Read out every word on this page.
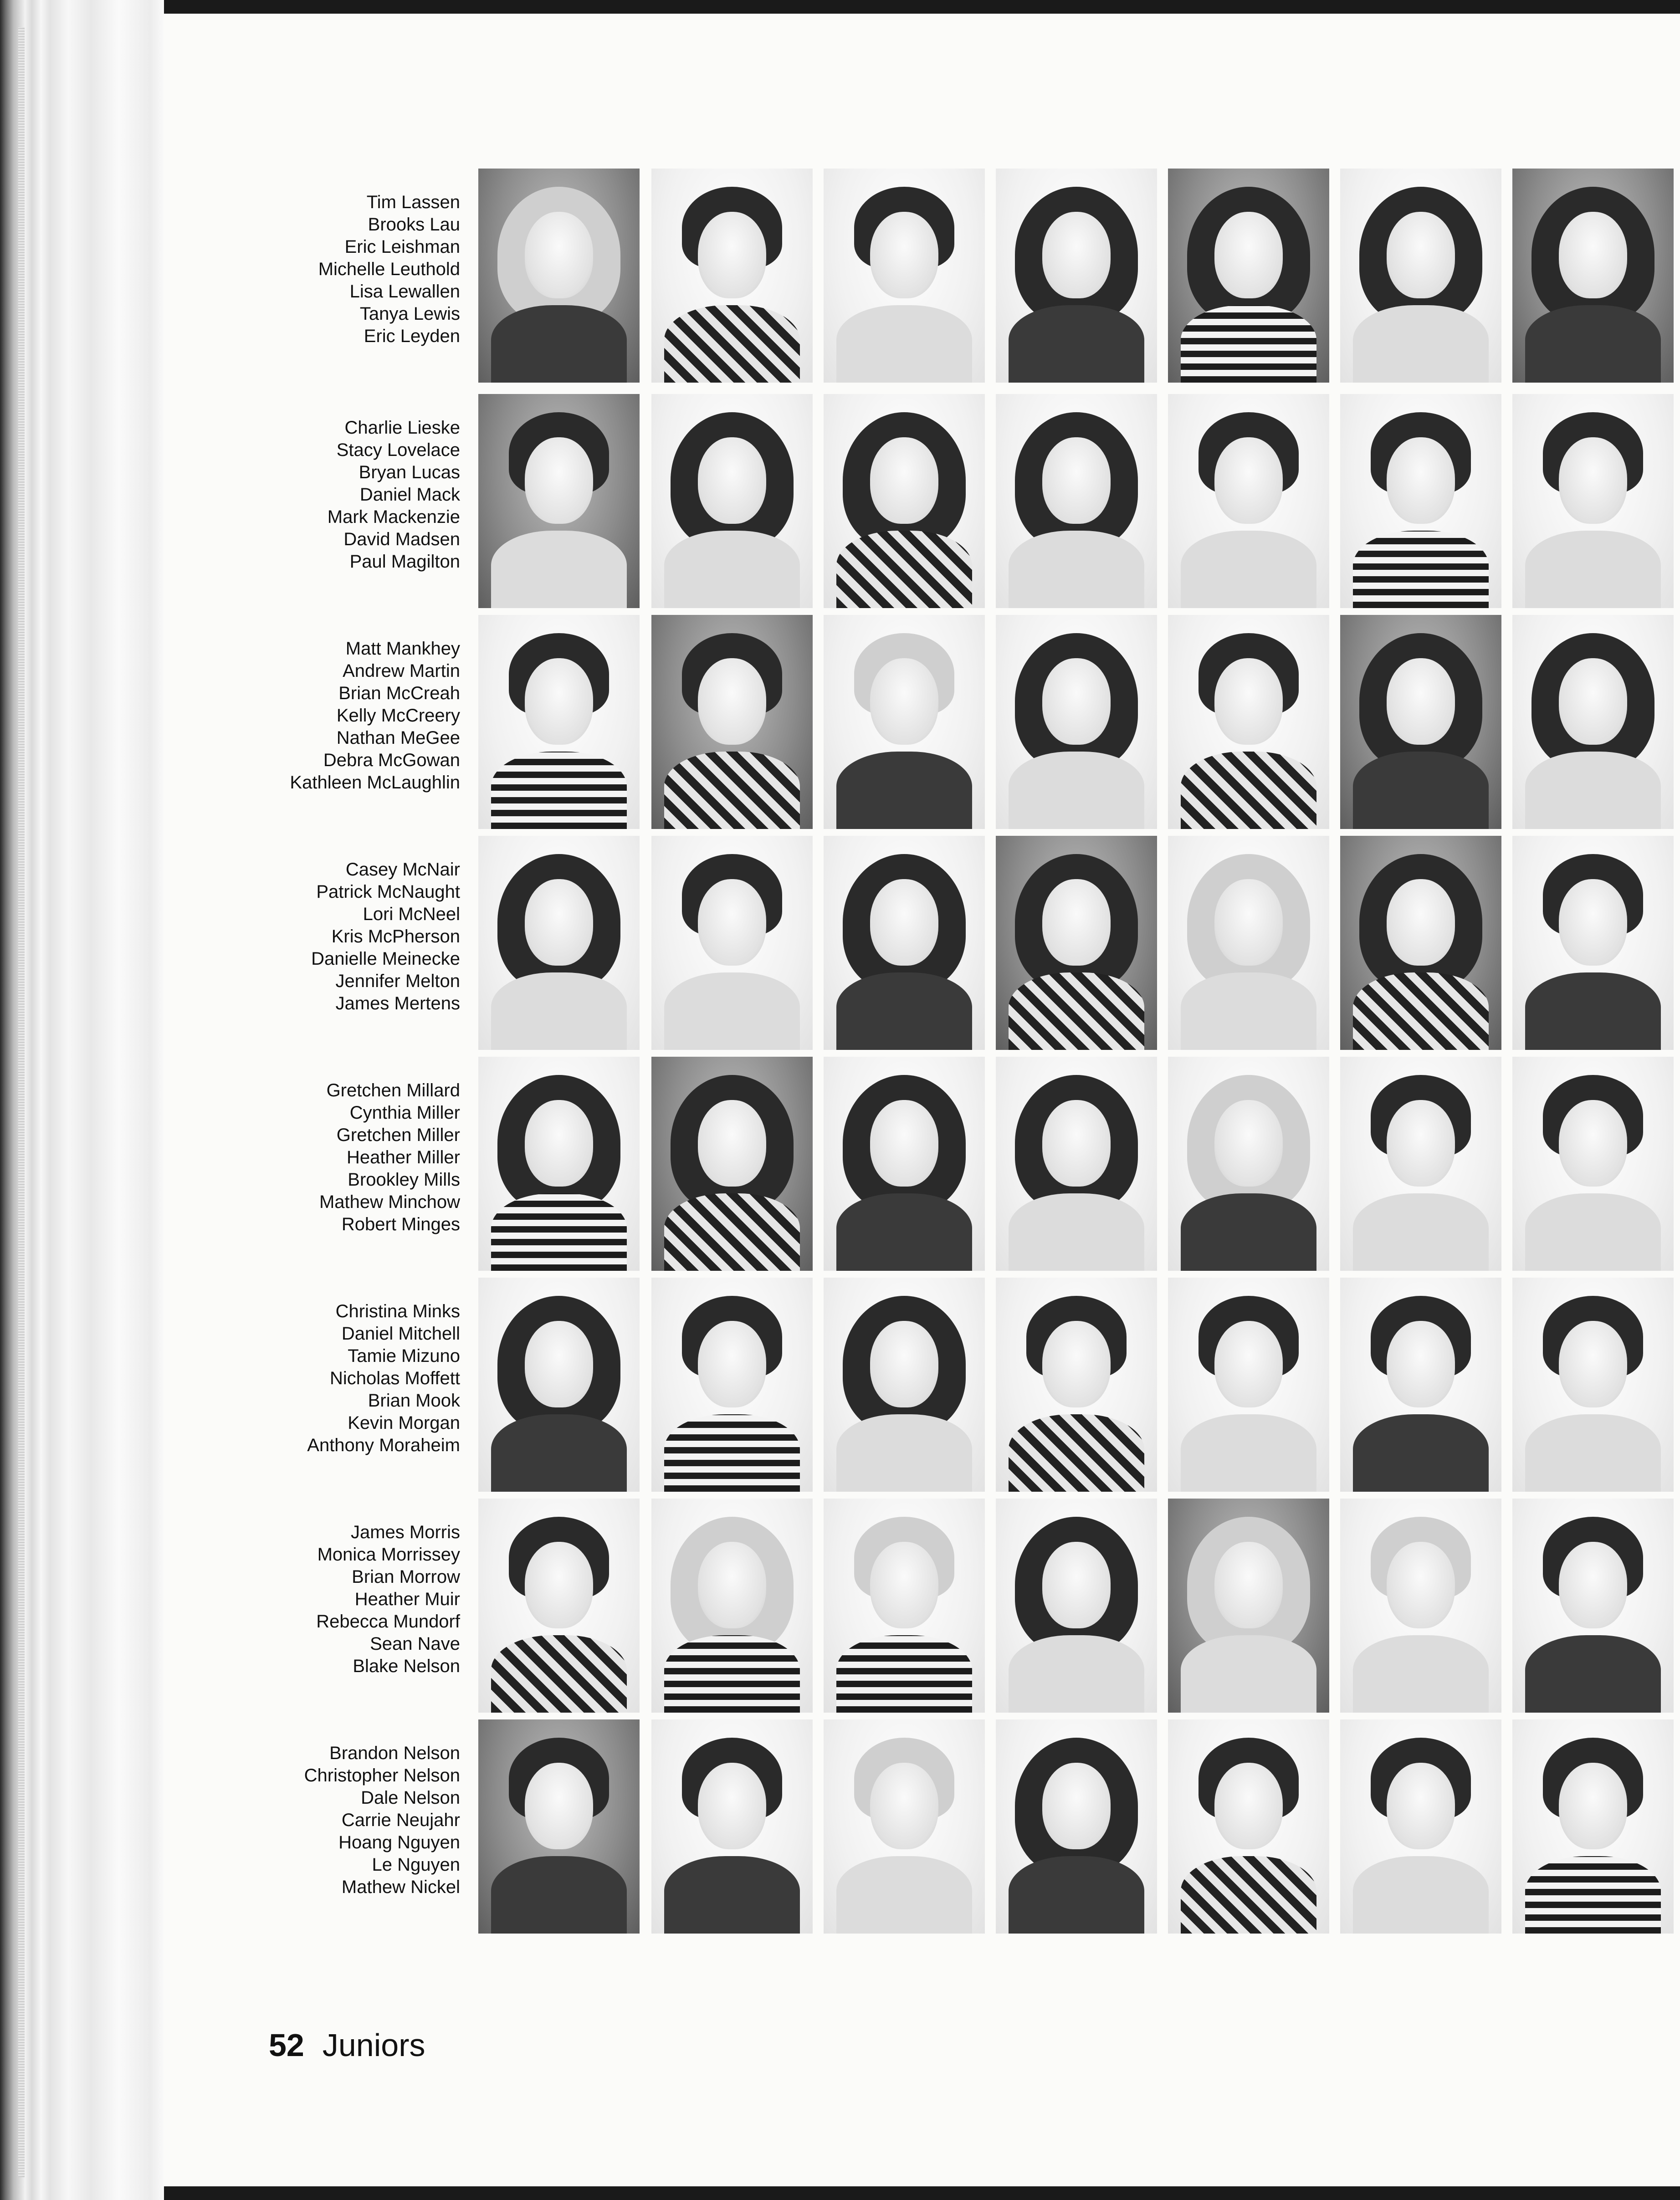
Tim Lassen
Brooks Lau
Eric Leishman
Michelle Leuthold
Lisa Lewallen
Tanya Lewis
Eric Leyden
Charlie Lieske
Stacy Lovelace
Bryan Lucas
Daniel Mack
Mark Mackenzie
David Madsen
Paul Magilton
Matt Mankhey
Andrew Martin
Brian McCreah
Kelly McCreery
Nathan MeGee
Debra McGowan
Kathleen McLaughlin
Casey McNair
Patrick McNaught
Lori McNeel
Kris McPherson
Danielle Meinecke
Jennifer Melton
James Mertens
Gretchen Millard
Cynthia Miller
Gretchen Miller
Heather Miller
Brookley Mills
Mathew Minchow
Robert Minges
Christina Minks
Daniel Mitchell
Tamie Mizuno
Nicholas Moffett
Brian Mook
Kevin Morgan
Anthony Moraheim
James Morris
Monica Morrissey
Brian Morrow
Heather Muir
Rebecca Mundorf
Sean Nave
Blake Nelson
Brandon Nelson
Christopher Nelson
Dale Nelson
Carrie Neujahr
Hoang Nguyen
Le Nguyen
Mathew Nickel
52 Juniors
